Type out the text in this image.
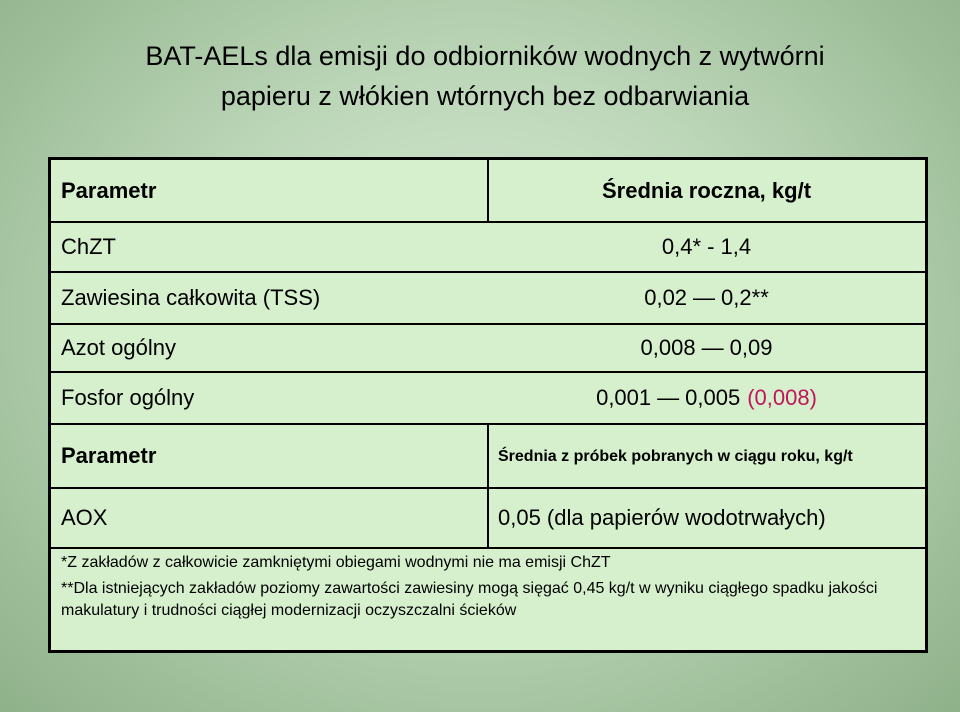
BAT-AELs dla emisji do odbiorników wodnych z wytwórni
papieru z włókien wtórnych bez odbarwiania
Parametr	Średnia roczna, kg/t
ChZT	0,4* - 1,4
Zawiesina całkowita (TSS)	0,02 — 0,2**
Azot ogólny	0,008 — 0,09
Fosfor ogólny	0,001 — 0,005 (0,008)
Parametr	Średnia z próbek pobranych w ciągu roku, kg/t
AOX	0,05 (dla papierów wodotrwałych)

*Z zakładów z całkowicie zamkniętymi obiegami wodnymi nie ma emisji ChZT

**Dla istniejących zakładów poziomy zawartości zawiesiny mogą sięgać 0,45 kg/t w wyniku ciągłego spadku jakości makulatury i trudności ciągłej modernizacji oczyszczalni ścieków
